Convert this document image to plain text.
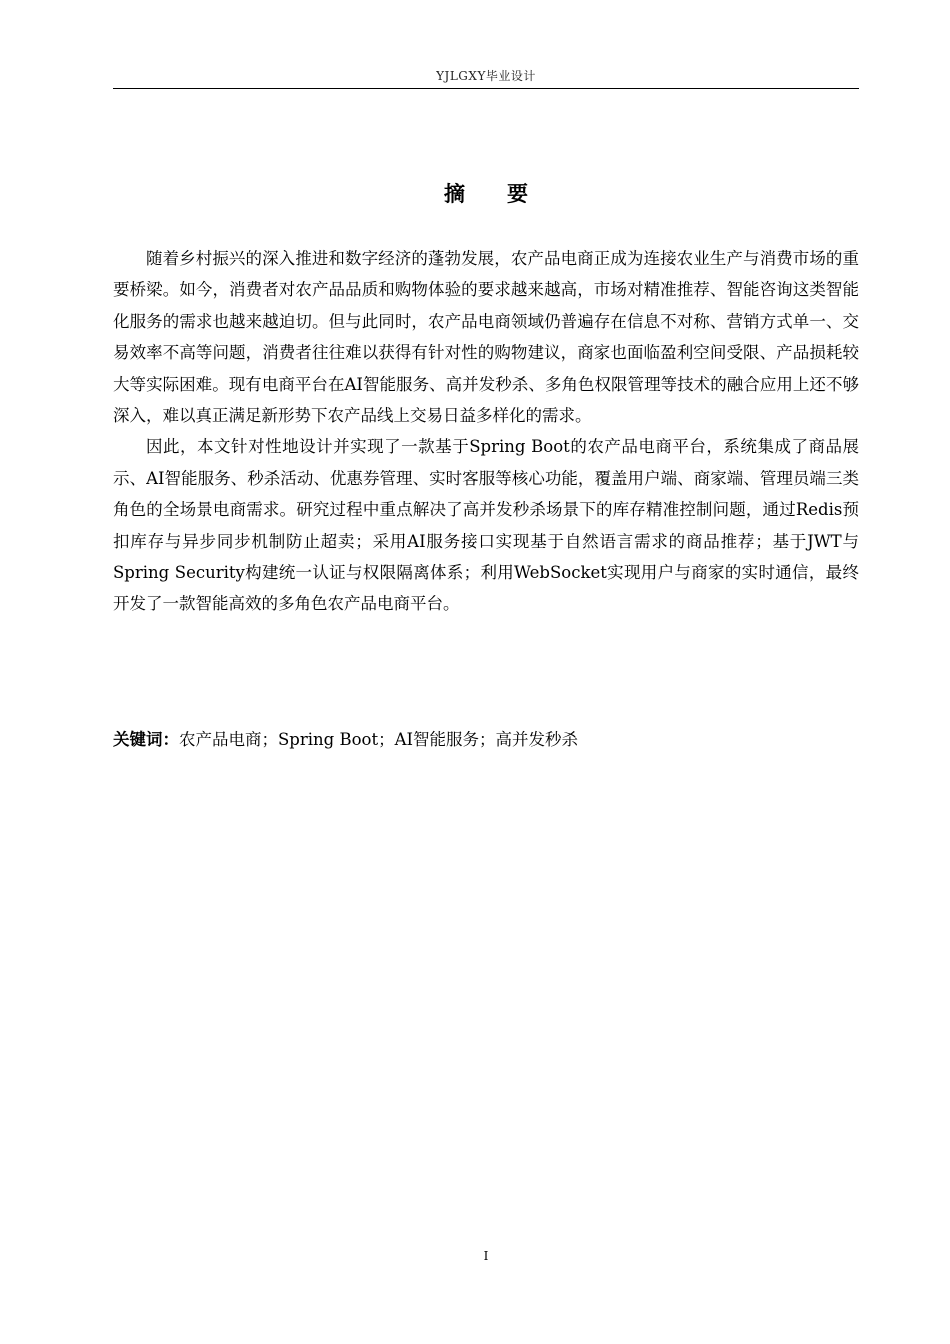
YJLGXY毕业设计
摘要

随着乡村振兴的深入推进和数字经济的蓬勃发展，农产品电商正成为连接农业生产与消费市场的重要桥梁。如今，消费者对农产品品质和购物体验的要求越来越高，市场对精准推荐、智能咨询这类智能化服务的需求也越来越迫切。但与此同时，农产品电商领域仍普遍存在信息不对称、营销方式单一、交易效率不高等问题，消费者往往难以获得有针对性的购物建议，商家也面临盈利空间受限、产品损耗较大等实际困难。现有电商平台在AI智能服务、高并发秒杀、多角色权限管理等技术的融合应用上还不够深入，难以真正满足新形势下农产品线上交易日益多样化的需求。

因此，本文针对性地设计并实现了一款基于Spring Boot的农产品电商平台，系统集成了商品展示、AI智能服务、秒杀活动、优惠券管理、实时客服等核心功能，覆盖用户端、商家端、管理员端三类角色的全场景电商需求。研究过程中重点解决了高并发秒杀场景下的库存精准控制问题，通过Redis预扣库存与异步同步机制防止超卖；采用AI服务接口实现基于自然语言需求的商品推荐；基于JWT与Spring Security构建统一认证与权限隔离体系；利用WebSocket实现用户与商家的实时通信，最终开发了一款智能高效的多角色农产品电商平台。

关键词：农产品电商；Spring Boot；AI智能服务；高并发秒杀
I
